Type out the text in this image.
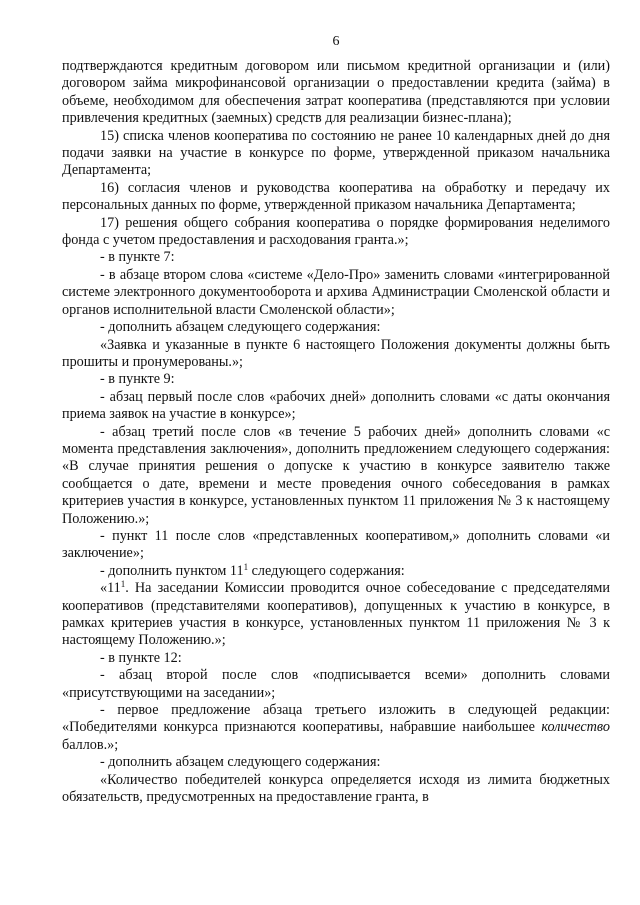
6

подтверждаются кредитным договором или письмом кредитной организации и (или) договором займа микрофинансовой организации о предоставлении кредита (займа) в объеме, необходимом для обеспечения затрат кооператива (представляются при условии привлечения кредитных (заемных) средств для реализации бизнес-плана);

15) списка членов кооператива по состоянию не ранее 10 календарных дней до дня подачи заявки на участие в конкурсе по форме, утвержденной приказом начальника Департамента;

16) согласия членов и руководства кооператива на обработку и передачу их персональных данных по форме, утвержденной приказом начальника Департамента;

17) решения общего собрания кооператива о порядке формирования неделимого фонда с учетом предоставления и расходования гранта.»;

- в пункте 7:

- в абзаце втором слова «системе «Дело-Про» заменить словами «интегрированной системе электронного документооборота и архива Администрации Смоленской области и органов исполнительной власти Смоленской области»;

- дополнить абзацем следующего содержания:

«Заявка и указанные в пункте 6 настоящего Положения документы должны быть прошиты и пронумерованы.»;

- в пункте 9:

- абзац первый после слов «рабочих дней» дополнить словами «с даты окончания приема заявок на участие в конкурсе»;

- абзац третий после слов «в течение 5 рабочих дней» дополнить словами «с момента представления заключения», дополнить предложением следующего содержания: «В случае принятия решения о допуске к участию в конкурсе заявителю также сообщается о дате, времени и месте проведения очного собеседования в рамках критериев участия в конкурсе, установленных пунктом 11 приложения № 3 к настоящему Положению.»;

- пункт 11 после слов «представленных кооперативом,» дополнить словами «и заключение»;

- дополнить пунктом $11^1$ следующего содержания:

«$11^1$. На заседании Комиссии проводится очное собеседование с председателями кооперативов (представителями кооперативов), допущенных к участию в конкурсе, в рамках критериев участия в конкурсе, установленных пунктом 11 приложения № 3 к настоящему Положению.»;

- в пункте 12:

- абзац второй после слов «подписывается всеми» дополнить словами «присутствующими на заседании»;

- первое предложение абзаца третьего изложить в следующей редакции: «Победителями конкурса признаются кооперативы, набравшие наибольшее количество баллов.»;

- дополнить абзацем следующего содержания:

«Количество победителей конкурса определяется исходя из лимита бюджетных обязательств, предусмотренных на предоставление гранта, в
